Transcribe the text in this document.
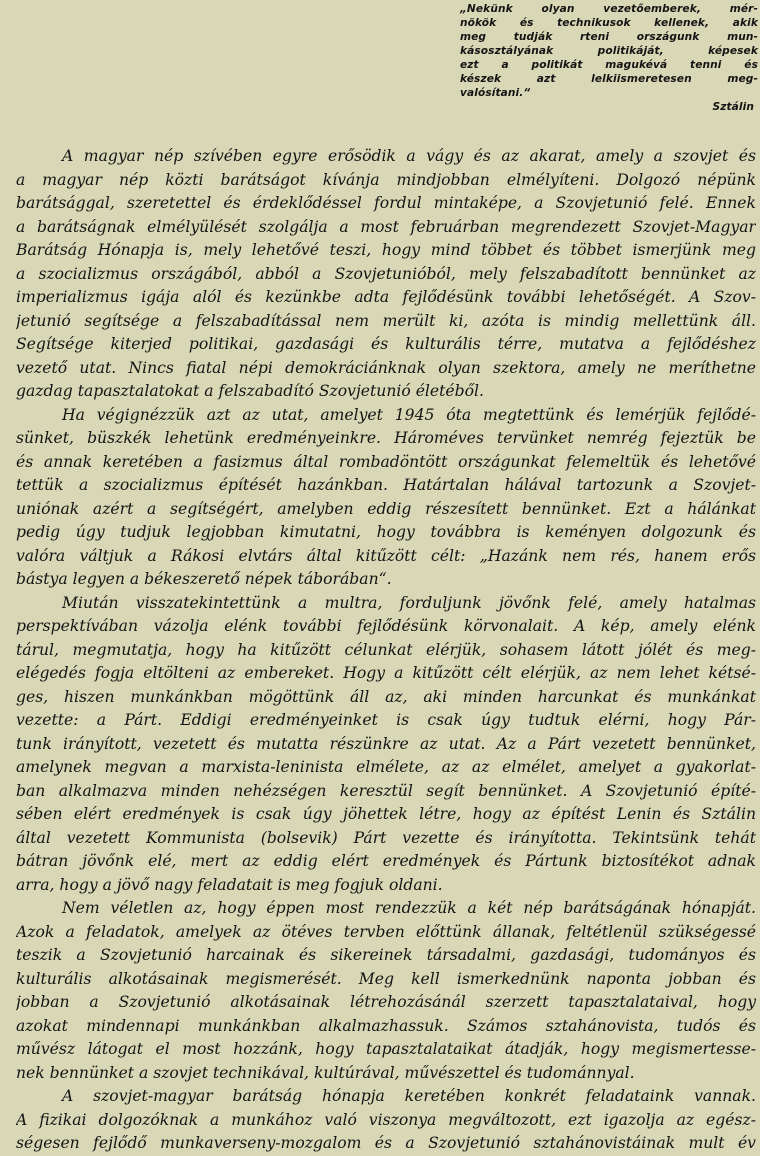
„Nekünk olyan vezetőemberek, mér-
nökök és technikusok kellenek, akik
meg tudják rteni országunk mun-
kásosztályának politikáját, képesek
ezt a politikát magukévá tenni és
készek azt lelkiismeretesen meg-
valósítani.“
Sztálin
A magyar nép szívében egyre erősödik a vágy és az akarat, amely a szovjet és
a magyar nép közti barátságot kívánja mindjobban elmélyíteni. Dolgozó népünk
barátsággal, szeretettel és érdeklődéssel fordul mintaképe, a Szovjetunió felé. Ennek
a barátságnak elmélyülését szolgálja a most februárban megrendezett Szovjet-Magyar
Barátság Hónapja is, mely lehetővé teszi, hogy mind többet és többet ismerjünk meg
a szocializmus országából, abból a Szovjetunióból, mely felszabadított bennünket az
imperializmus igája alól és kezünkbe adta fejlődésünk további lehetőségét. A Szov-
jetunió segítsége a felszabadítással nem merült ki, azóta is mindig mellettünk áll.
Segítsége kiterjed politikai, gazdasági és kulturális térre, mutatva a fejlődéshez
vezető utat. Nincs fiatal népi demokráciánknak olyan szektora, amely ne meríthetne
gazdag tapasztalatokat a felszabadító Szovjetunió életéből.
Ha végignézzük azt az utat, amelyet 1945 óta megtettünk és lemérjük fejlődé-
sünket, büszkék lehetünk eredményeinkre. Hároméves tervünket nemrég fejeztük be
és annak keretében a fasizmus által rombadöntött országunkat felemeltük és lehetővé
tettük a szocializmus építését hazánkban. Határtalan hálával tartozunk a Szovjet-
uniónak azért a segítségért, amelyben eddig részesített bennünket. Ezt a hálánkat
pedig úgy tudjuk legjobban kimutatni, hogy továbbra is keményen dolgozunk és
valóra váltjuk a Rákosi elvtárs által kitűzött célt: „Hazánk nem rés, hanem erős
bástya legyen a békeszerető népek táborában“.
Miután visszatekintettünk a multra, forduljunk jövőnk felé, amely hatalmas
perspektívában vázolja elénk további fejlődésünk körvonalait. A kép, amely elénk
tárul, megmutatja, hogy ha kitűzött célunkat elérjük, sohasem látott jólét és meg-
elégedés fogja eltölteni az embereket. Hogy a kitűzött célt elérjük, az nem lehet kétsé-
ges, hiszen munkánkban mögöttünk áll az, aki minden harcunkat és munkánkat
vezette: a Párt. Eddigi eredményeinket is csak úgy tudtuk elérni, hogy Pár-
tunk irányított, vezetett és mutatta részünkre az utat. Az a Párt vezetett bennünket,
amelynek megvan a marxista-leninista elmélete, az az elmélet, amelyet a gyakorlat-
ban alkalmazva minden nehézségen keresztül segít bennünket. A Szovjetunió építé-
sében elért eredmények is csak úgy jöhettek létre, hogy az építést Lenin és Sztálin
által vezetett Kommunista (bolsevik) Párt vezette és irányította. Tekintsünk tehát
bátran jövőnk elé, mert az eddig elért eredmények és Pártunk biztosítékot adnak
arra, hogy a jövő nagy feladatait is meg fogjuk oldani.
Nem véletlen az, hogy éppen most rendezzük a két nép barátságának hónapját.
Azok a feladatok, amelyek az ötéves tervben előttünk állanak, feltétlenül szükségessé
teszik a Szovjetunió harcainak és sikereinek társadalmi, gazdasági, tudományos és
kulturális alkotásainak megismerését. Meg kell ismerkednünk naponta jobban és
jobban a Szovjetunió alkotásainak létrehozásánál szerzett tapasztalataival, hogy
azokat mindennapi munkánkban alkalmazhassuk. Számos sztahánovista, tudós és
művész látogat el most hozzánk, hogy tapasztalataikat átadják, hogy megismertesse-
nek bennünket a szovjet technikával, kultúrával, művészettel és tudománnyal.
A szovjet-magyar barátság hónapja keretében konkrét feladataink vannak.
A fizikai dolgozóknak a munkához való viszonya megváltozott, ezt igazolja az egész-
ségesen fejlődő munkaverseny-mozgalom és a Szovjetunió sztahánovistáinak mult év
